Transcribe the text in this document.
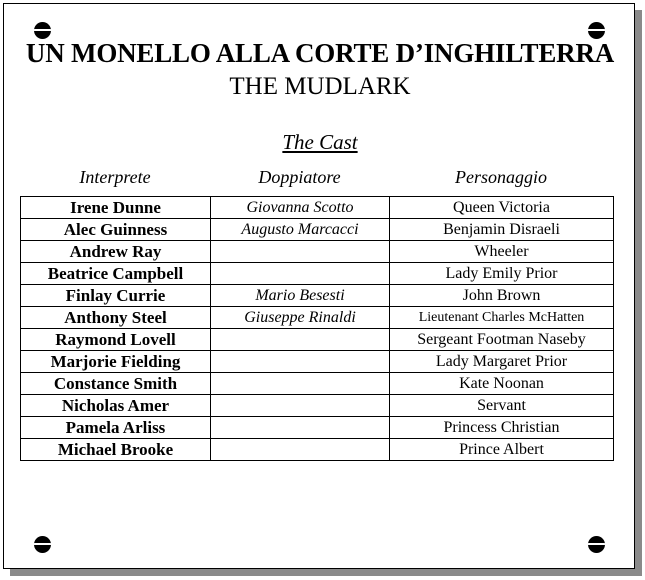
UN MONELLO ALLA CORTE D’INGHILTERRA
THE MUDLARK
The Cast
Interprete	Doppiatore	Personaggio
Irene Dunne	Giovanna Scotto	Queen Victoria
Alec Guinness	Augusto Marcacci	Benjamin Disraeli
Andrew Ray		Wheeler
Beatrice Campbell		Lady Emily Prior
Finlay Currie	Mario Besesti	John Brown
Anthony Steel	Giuseppe Rinaldi	Lieutenant Charles McHatten
Raymond Lovell		Sergeant Footman Naseby
Marjorie Fielding		Lady Margaret Prior
Constance Smith		Kate Noonan
Nicholas Amer		Servant
Pamela Arliss		Princess Christian
Michael Brooke		Prince Albert
